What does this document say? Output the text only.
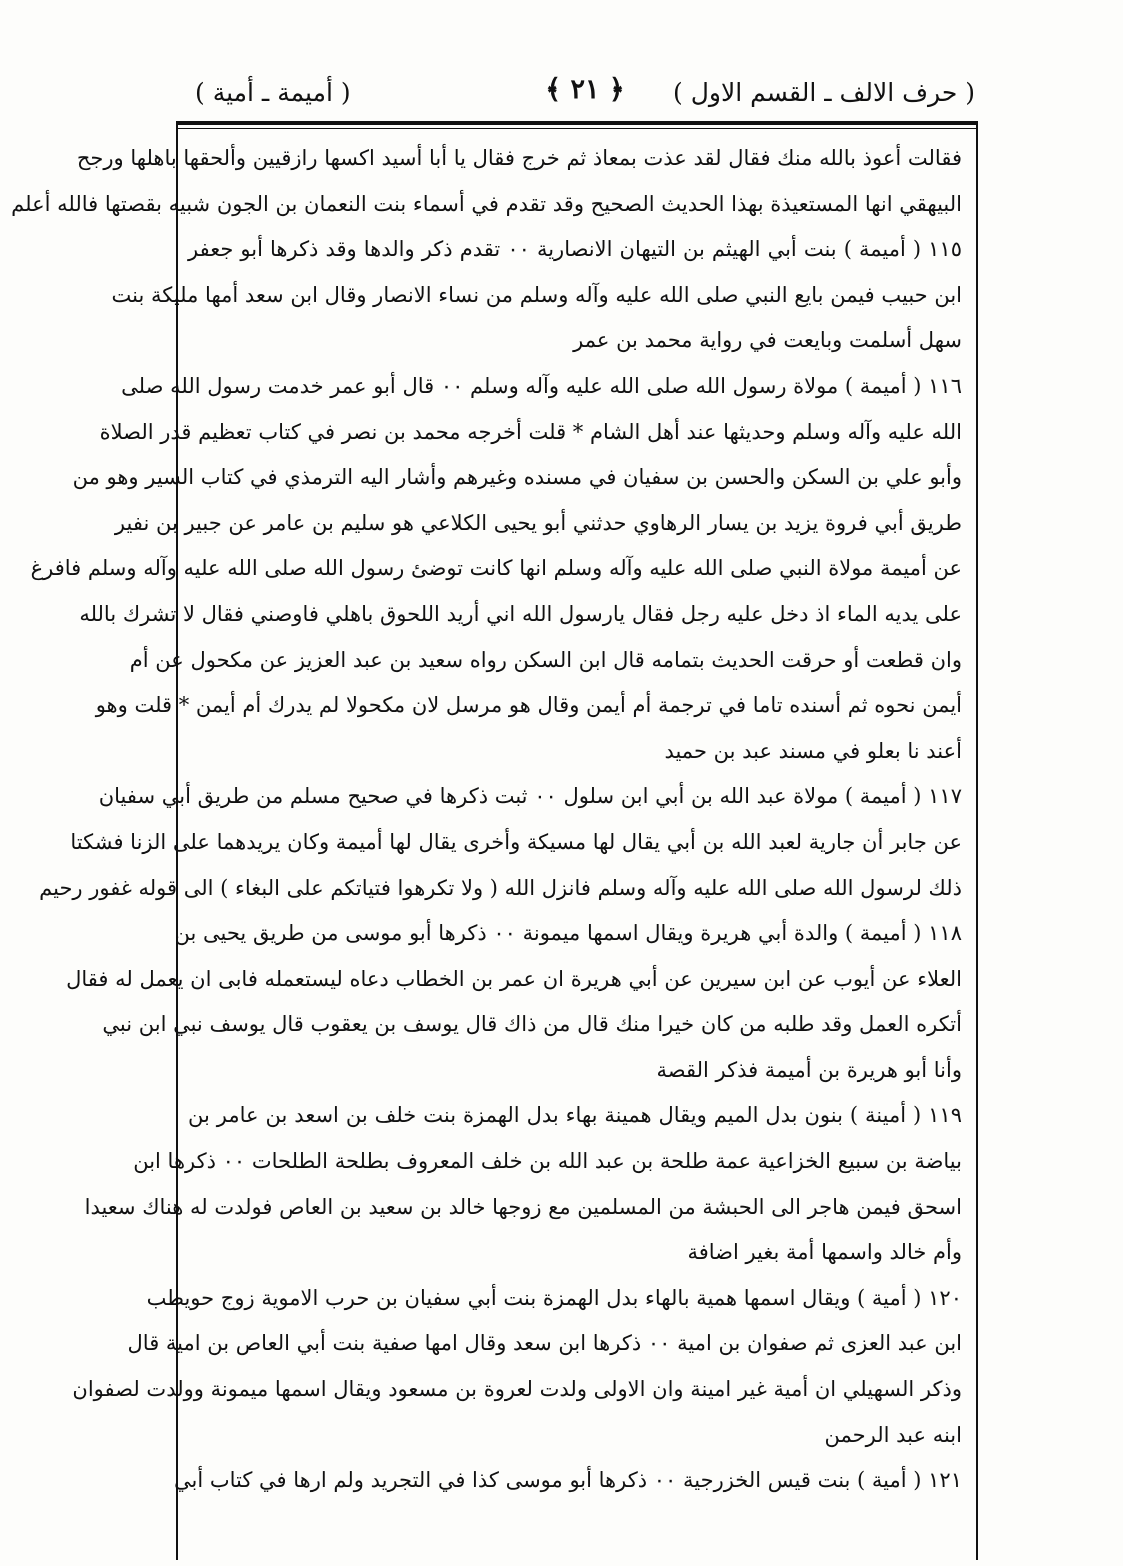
( حرف الالف ـ القسم الاول )
﴿ ٢١ ﴾
( أميمة ـ أمية )
فقالت أعوذ بالله منك فقال لقد عذت بمعاذ ثم خرج فقال يا أبا أسيد اكسها رازقيين وألحقها باهلها ورجح
البيهقي انها المستعيذة بهذا الحديث الصحيح وقد تقدم في أسماء بنت النعمان بن الجون شبيه بقصتها فالله أعلم
١١٥ ( أميمة ) بنت أبي الهيثم بن التيهان الانصارية ٠٠ تقدم ذكر والدها وقد ذكرها أبو جعفر
ابن حبيب فيمن بايع النبي صلى الله عليه وآله وسلم من نساء الانصار وقال ابن سعد أمها مليكة بنت
سهل أسلمت وبايعت في رواية محمد بن عمر
١١٦ ( أميمة ) مولاة رسول الله صلى الله عليه وآله وسلم ٠٠ قال أبو عمر خدمت رسول الله صلى
الله عليه وآله وسلم وحديثها عند أهل الشام * قلت أخرجه محمد بن نصر في كتاب تعظيم قدر الصلاة
وأبو علي بن السكن والحسن بن سفيان في مسنده وغيرهم وأشار اليه الترمذي في كتاب السير وهو من
طريق أبي فروة يزيد بن يسار الرهاوي حدثني أبو يحيى الكلاعي هو سليم بن عامر عن جبير بن نفير
عن أميمة مولاة النبي صلى الله عليه وآله وسلم انها كانت توضئ رسول الله صلى الله عليه وآله وسلم فافرغ
على يديه الماء اذ دخل عليه رجل فقال يارسول الله اني أريد اللحوق باهلي فاوصني فقال لا تشرك بالله
وان قطعت أو حرقت الحديث بتمامه قال ابن السكن رواه سعيد بن عبد العزيز عن مكحول عن أم
أيمن نحوه ثم أسنده تاما في ترجمة أم أيمن وقال هو مرسل لان مكحولا لم يدرك أم أيمن * قلت وهو
أعند نا بعلو في مسند عبد بن حميد
١١٧ ( أميمة ) مولاة عبد الله بن أبي ابن سلول ٠٠ ثبت ذكرها في صحيح مسلم من طريق أبي سفيان
عن جابر أن جارية لعبد الله بن أبي يقال لها مسيكة وأخرى يقال لها أميمة وكان يريدهما على الزنا فشكتا
ذلك لرسول الله صلى الله عليه وآله وسلم فانزل الله ( ولا تكرهوا فتياتكم على البغاء ) الى قوله غفور رحيم
١١٨ ( أميمة ) والدة أبي هريرة ويقال اسمها ميمونة ٠٠ ذكرها أبو موسى من طريق يحيى بن
العلاء عن أيوب عن ابن سيرين عن أبي هريرة ان عمر بن الخطاب دعاه ليستعمله فابى ان يعمل له فقال
أتكره العمل وقد طلبه من كان خيرا منك قال من ذاك قال يوسف بن يعقوب قال يوسف نبي ابن نبي
وأنا أبو هريرة بن أميمة فذكر القصة
١١٩ ( أمينة ) بنون بدل الميم ويقال همينة بهاء بدل الهمزة بنت خلف بن اسعد بن عامر بن
بياضة بن سبيع الخزاعية عمة طلحة بن عبد الله بن خلف المعروف بطلحة الطلحات ٠٠ ذكرها ابن
اسحق فيمن هاجر الى الحبشة من المسلمين مع زوجها خالد بن سعيد بن العاص فولدت له هناك سعيدا
وأم خالد واسمها أمة بغير اضافة
١٢٠ ( أمية ) ويقال اسمها همية بالهاء بدل الهمزة بنت أبي سفيان بن حرب الاموية زوج حويطب
ابن عبد العزى ثم صفوان بن امية ٠٠ ذكرها ابن سعد وقال امها صفية بنت أبي العاص بن امية قال
وذكر السهيلي ان أمية غير امينة وان الاولى ولدت لعروة بن مسعود ويقال اسمها ميمونة وولدت لصفوان
ابنه عبد الرحمن
١٢١ ( أمية ) بنت قيس الخزرجية ٠٠ ذكرها أبو موسى كذا في التجريد ولم ارها في كتاب أبي
